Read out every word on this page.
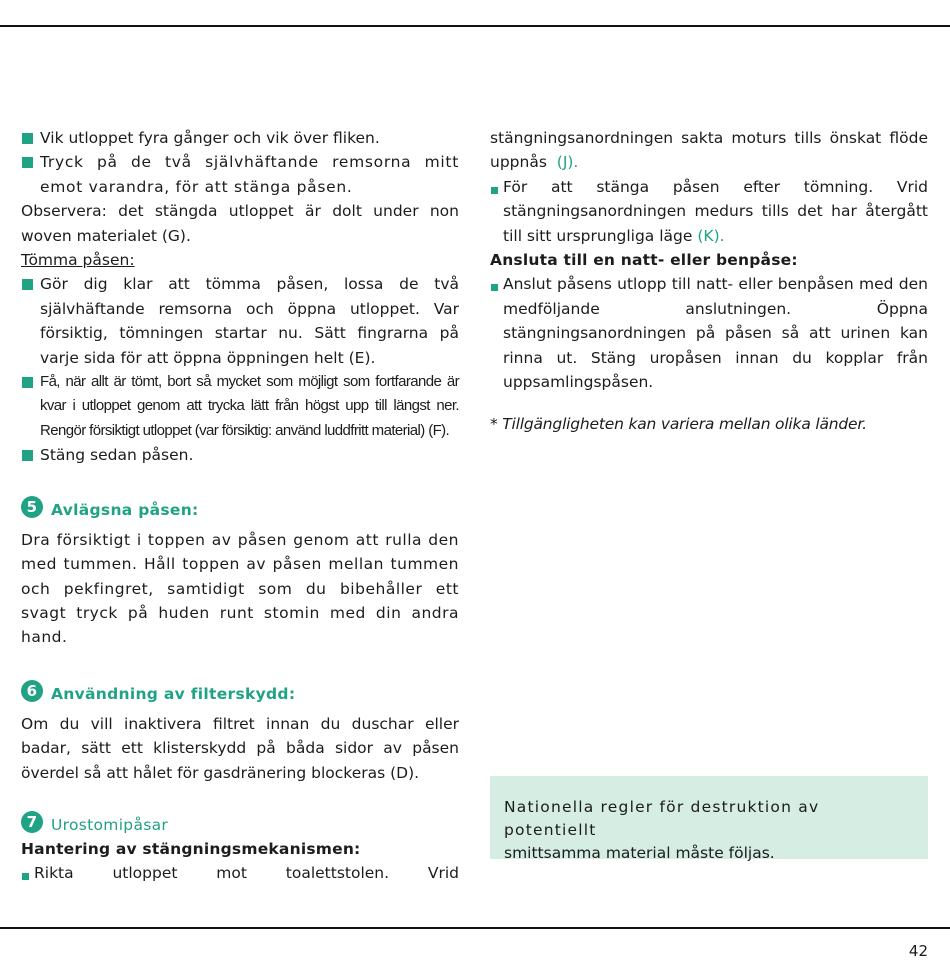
Vik utloppet fyra gånger och vik över fliken.

Tryck på de två självhäftande remsorna mitt emot varandra, för att stänga påsen.

Observera: det stängda utloppet är dolt under non woven materialet (G).

Tömma påsen:

Gör dig klar att tömma påsen, lossa de två självhäftande remsorna och öppna utloppet. Var försiktig, tömningen startar nu. Sätt fingrarna på varje sida för att öppna öppningen helt (E).

Få, när allt är tömt, bort så mycket som möjligt som fortfarande är kvar i utloppet genom att trycka lätt från högst upp till längst ner. Rengör försiktigt utloppet (var försiktig: använd luddfritt material) (F).

Stäng sedan påsen.

5 Avlägsna påsen:

Dra försiktigt i toppen av påsen genom att rulla den med tummen. Håll toppen av påsen mellan tummen och pekfingret, samtidigt som du bibehåller ett svagt tryck på huden runt stomin med din andra hand.

6 Användning av filterskydd:

Om du vill inaktivera filtret innan du duschar eller badar, sätt ett klisterskydd på båda sidor av påsen överdel så att hålet för gasdränering blockeras (D).

7 Urostomipåsar

Hantering av stängningsmekanismen:

Rikta utloppet mot toalettstolen. Vrid

stängningsanordningen sakta moturs tills önskat flöde uppnås (J).

För att stänga påsen efter tömning. Vrid stängningsanordningen medurs tills det har återgått till sitt ursprungliga läge (K).

Ansluta till en natt- eller benpåse:

Anslut påsens utlopp till natt- eller benpåsen med den medföljande anslutningen. Öppna stängningsanordningen på påsen så att urinen kan rinna ut. Stäng uropåsen innan du kopplar från uppsamlingspåsen.

* Tillgängligheten kan variera mellan olika länder.

Nationella regler för destruktion av potentiellt

smittsamma material måste följas.

42
